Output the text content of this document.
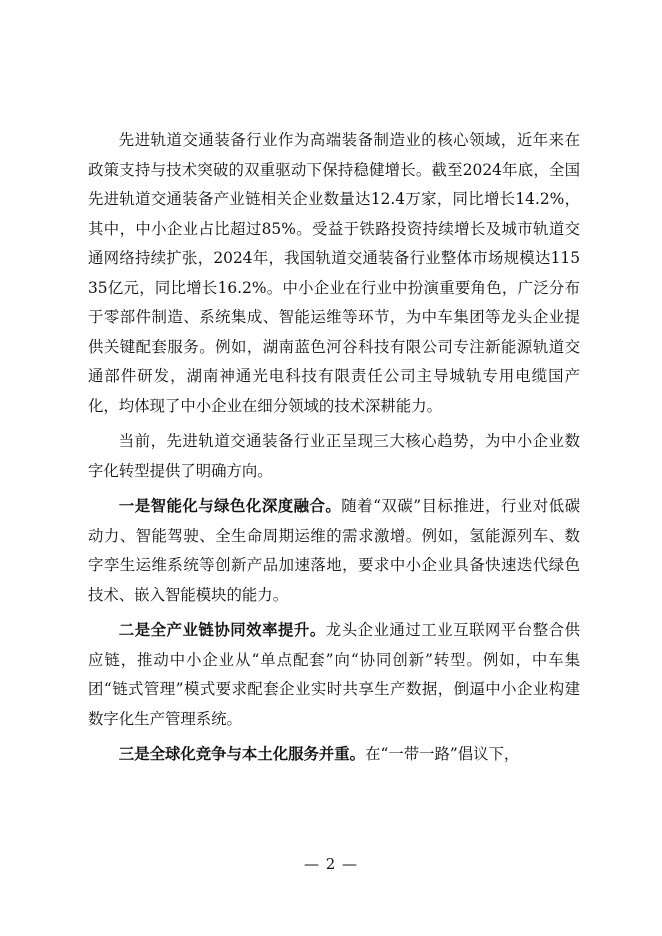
先进轨道交通装备行业作为高端装备制造业的核心领域，近年来在政策支持与技术突破的双重驱动下保持稳健增长。截至2024年底，全国先进轨道交通装备产业链相关企业数量达12.4万家，同比增长14.2%，其中，中小企业占比超过85%。受益于铁路投资持续增长及城市轨道交通网络持续扩张，2024年，我国轨道交通装备行业整体市场规模达11535亿元，同比增长16.2%。中小企业在行业中扮演重要角色，广泛分布于零部件制造、系统集成、智能运维等环节，为中车集团等龙头企业提供关键配套服务。例如，湖南蓝色河谷科技有限公司专注新能源轨道交通部件研发，湖南神通光电科技有限责任公司主导城轨专用电缆国产化，均体现了中小企业在细分领域的技术深耕能力。

当前，先进轨道交通装备行业正呈现三大核心趋势，为中小企业数字化转型提供了明确方向。

一是智能化与绿色化深度融合。随着“双碳”目标推进，行业对低碳动力、智能驾驶、全生命周期运维的需求激增。例如，氢能源列车、数字孪生运维系统等创新产品加速落地，要求中小企业具备快速迭代绿色技术、嵌入智能模块的能力。

二是全产业链协同效率提升。龙头企业通过工业互联网平台整合供应链，推动中小企业从“单点配套”向“协同创新”转型。例如，中车集团“链式管理”模式要求配套企业实时共享生产数据，倒逼中小企业构建数字化生产管理系统。

三是全球化竞争与本土化服务并重。在“一带一路”倡议下，

— 2 —
